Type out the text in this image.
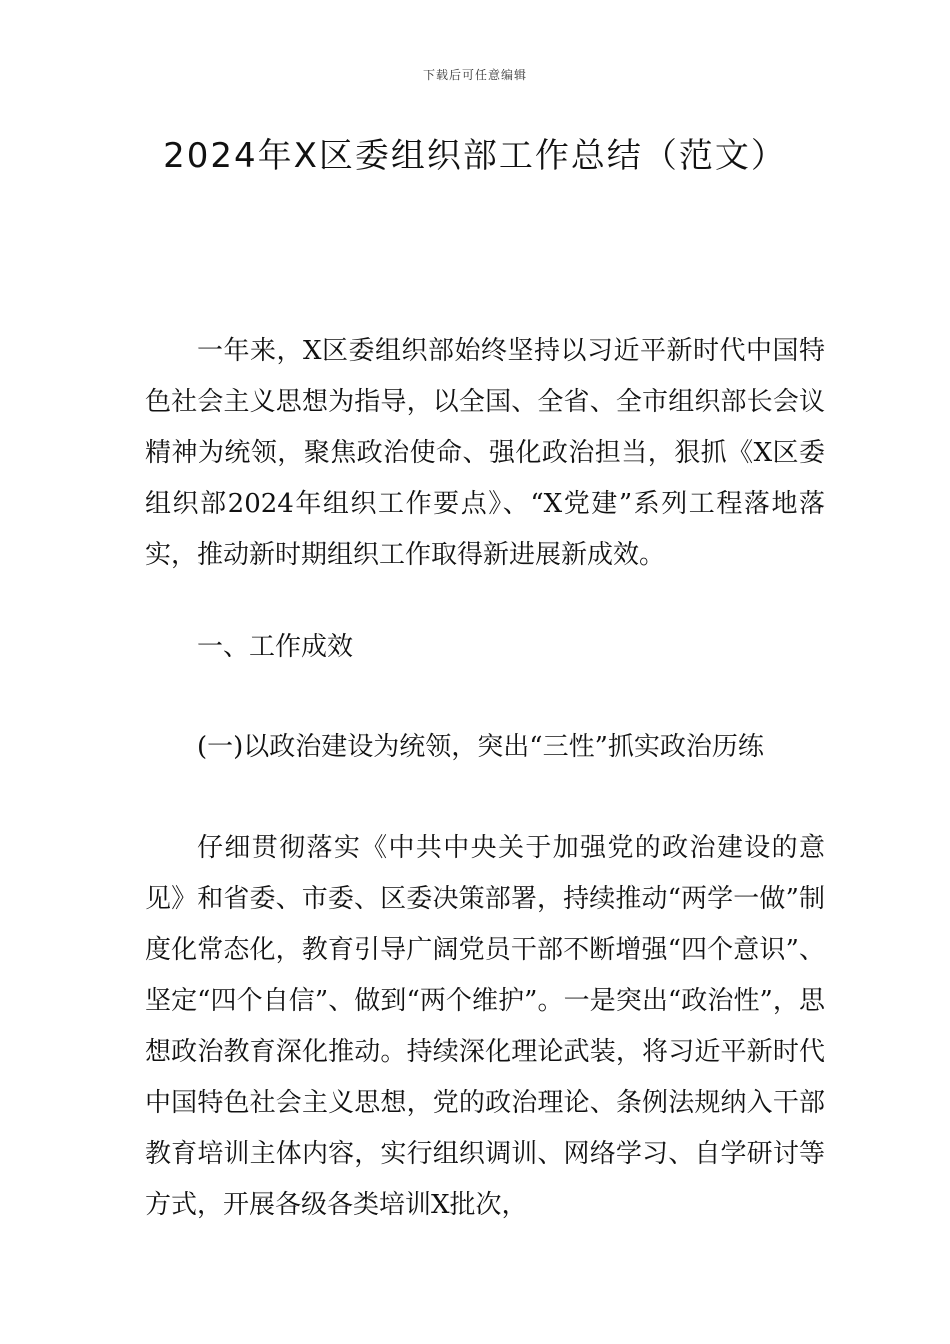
下载后可任意编辑
2024年X区委组织部工作总结（范文）

一年来，X区委组织部始终坚持以习近平新时代中国特色社会主义思想为指导，以全国、全省、全市组织部长会议精神为统领，聚焦政治使命、强化政治担当，狠抓《X区委组织部2024年组织工作要点》、“X党建”系列工程落地落实，推动新时期组织工作取得新进展新成效。

一、工作成效

(一)以政治建设为统领，突出“三性”抓实政治历练

仔细贯彻落实《中共中央关于加强党的政治建设的意见》和省委、市委、区委决策部署，持续推动“两学一做”制度化常态化，教育引导广阔党员干部不断增强“四个意识”、坚定“四个自信”、做到“两个维护”。一是突出“政治性”，思想政治教育深化推动。持续深化理论武装，将习近平新时代中国特色社会主义思想，党的政治理论、条例法规纳入干部教育培训主体内容，实行组织调训、网络学习、自学研讨等方式，开展各级各类培训X批次，
